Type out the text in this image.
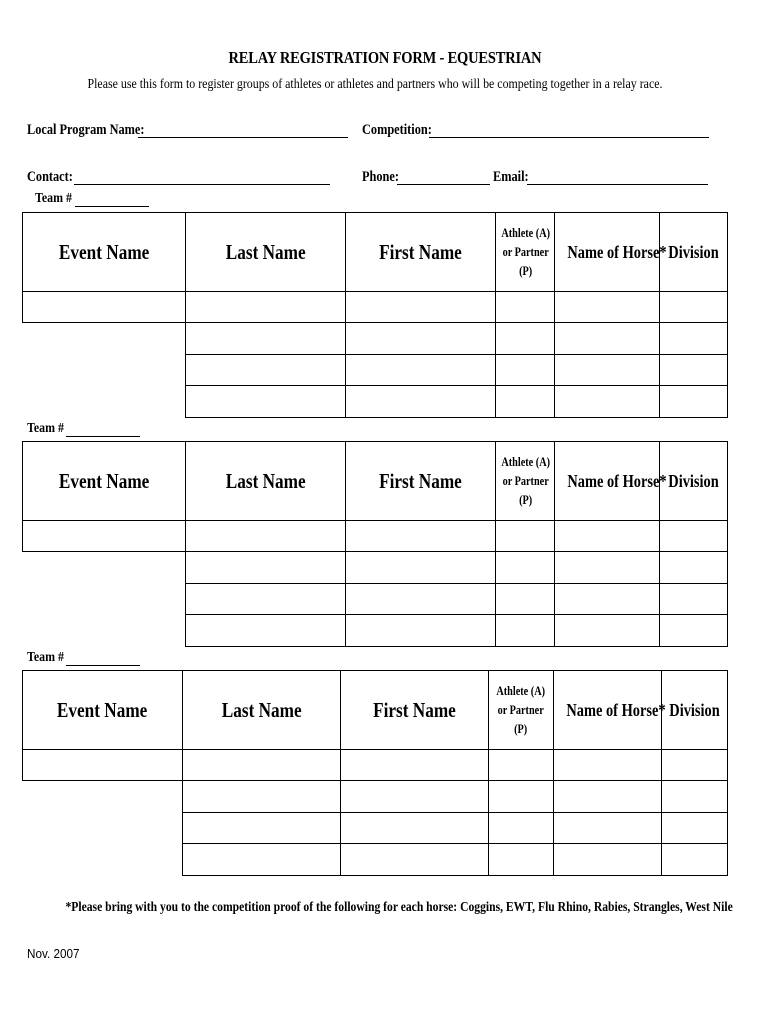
RELAY REGISTRATION FORM - EQUESTRIAN
Please use this form to register groups of athletes or athletes and partners who will be competing together in a relay race.
Local Program Name:	Competition:
Contact:	Phone:	Email:
Team #
Event Name	Last Name	First Name	Athlete (A)
or Partner
(P)	Name of Horse*	Division

Team #
Event Name	Last Name	First Name	Athlete (A)
or Partner
(P)	Name of Horse*	Division

Team #
Event Name	Last Name	First Name	Athlete (A)
or Partner
(P)	Name of Horse*	Division

*Please bring with you to the competition proof of the following for each horse: Coggins, EWT, Flu Rhino, Rabies, Strangles, West Nile
Nov. 2007
